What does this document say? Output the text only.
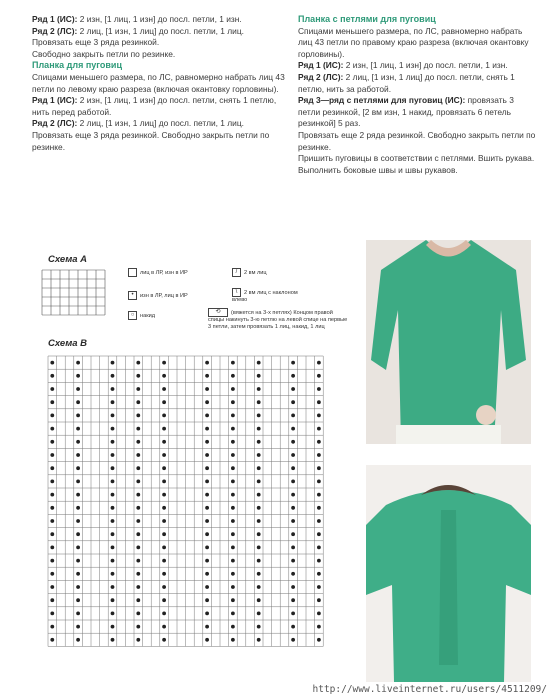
Ряд 1 (ИС): 2 изн, [1 лиц, 1 изн] до посл. петли, 1 изн.

Ряд 2 (ЛС): 2 лиц, [1 изн, 1 лиц] до посл. петли, 1 лиц.

Провязать еще 3 ряда резинкой.

Свободно закрыть петли по резинке.

Планка для пуговиц

Спицами меньшего размера, по ЛС, равномерно набрать лиц 43 петли по левому краю разреза (включая окантовку горловины).

Ряд 1 (ИС): 2 изн, [1 лиц, 1 изн] до посл. петли, снять 1 петлю, нить перед работой.

Ряд 2 (ЛС): 2 лиц, [1 изн, 1 лиц] до посл. петли, 1 лиц.

Провязать еще 3 ряда резинкой. Свободно закрыть петли по резинке.

Планка с петлями для пуговиц

Спицами меньшего размера, по ЛС, равномерно набрать лиц 43 петли по правому краю разреза (включая окантовку горловины).

Ряд 1 (ИС): 2 изн, [1 лиц, 1 изн] до посл. петли, 1 изн.

Ряд 2 (ЛС): 2 лиц, [1 изн, 1 лиц] до посл. петли, снять 1 петлю, нить за работой.

Ряд 3—ряд с петлями для пуговиц (ИС): провязать 3 петли резинкой, [2 вм изн, 1 накид, провязать 6 петель резинкой] 5 раз.

Провязать еще 2 ряда резинкой. Свободно закрыть петли по резинке.

Пришить пуговицы в соответствии с петлями. Вшить рукава. Выполнить боковые швы и швы рукавов.

Схема А
лиц в ЛР, изн в ИР
• изн в ЛР, лиц в ИР
○ накид
/ 2 вм лиц
\ 2 вм лиц с наклоном влево
⟲ (вяжется на 3-х петлях) Концом правой спицы накинуть 3-ю петлю на левой спице на первые 3 петли, затем провязать 1 лиц, накид, 1 лиц
Схема В
http://www.liveinternet.ru/users/4511209/
